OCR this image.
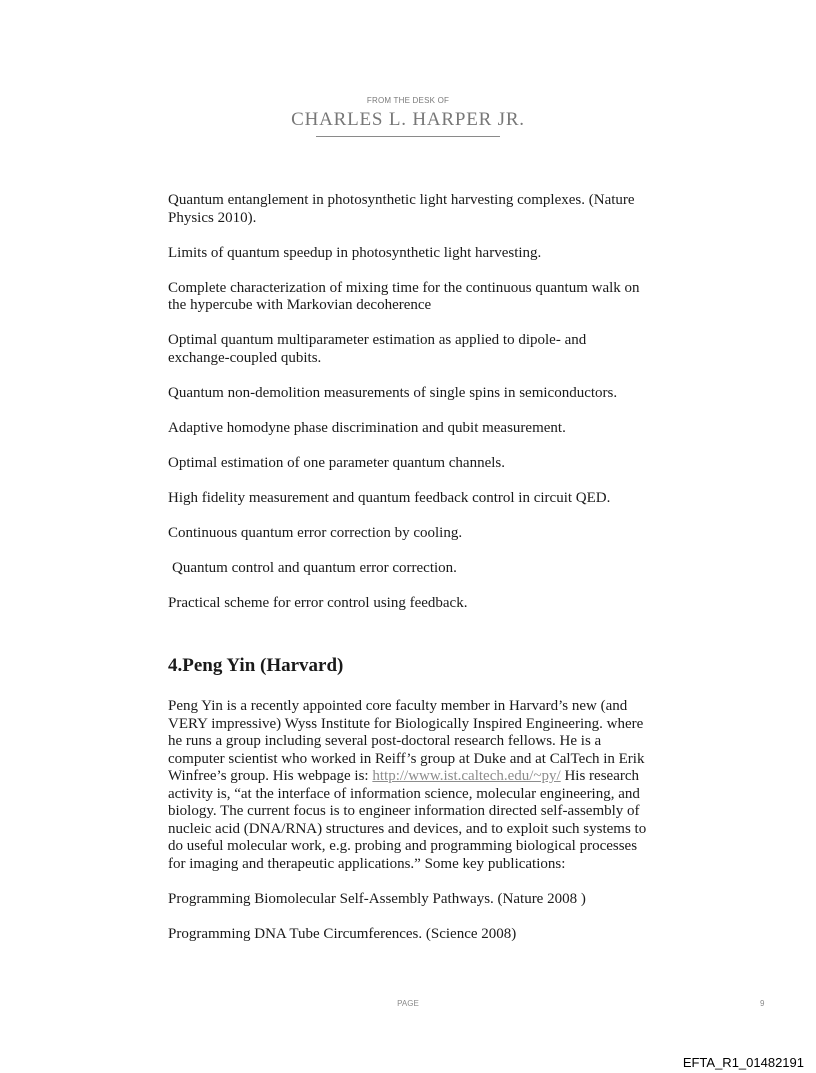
FROM THE DESK OF
CHARLES L. HARPER JR.

Quantum entanglement in photosynthetic light harvesting complexes. (Nature Physics 2010).

Limits of quantum speedup in photosynthetic light harvesting.

Complete characterization of mixing time for the continuous quantum walk on the hypercube with Markovian decoherence

Optimal quantum multiparameter estimation as applied to dipole- and exchange-coupled qubits.

Quantum non-demolition measurements of single spins in semiconductors.

Adaptive homodyne phase discrimination and qubit measurement.

Optimal estimation of one parameter quantum channels.

High fidelity measurement and quantum feedback control in circuit QED.

Continuous quantum error correction by cooling.

Quantum control and quantum error correction.

Practical scheme for error control using feedback.

4.Peng Yin (Harvard)

Peng Yin is a recently appointed core faculty member in Harvard’s new (and VERY impressive) Wyss Institute for Biologically Inspired Engineering. where he runs a group including several post-doctoral research fellows. He is a computer scientist who worked in Reiff’s group at Duke and at CalTech in Erik Winfree’s group. His webpage is: http://www.ist.caltech.edu/~py/ His research activity is, “at the interface of information science, molecular engineering, and biology. The current focus is to engineer information directed self-assembly of nucleic acid (DNA/RNA) structures and devices, and to exploit such systems to do useful molecular work, e.g. probing and programming biological processes for imaging and therapeutic applications.” Some key publications:

Programming Biomolecular Self-Assembly Pathways. (Nature 2008 )

Programming DNA Tube Circumferences. (Science 2008)

PAGE	9
EFTA_R1_01482191
